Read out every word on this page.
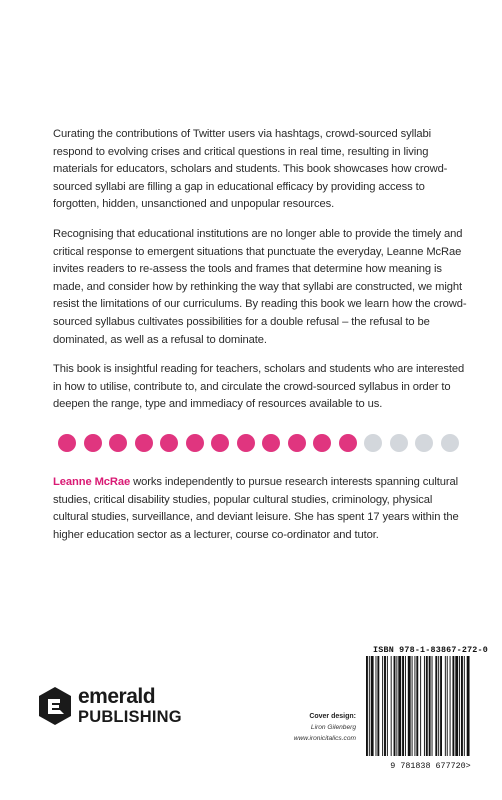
Curating the contributions of Twitter users via hashtags, crowd-sourced syllabi respond to evolving crises and critical questions in real time, resulting in living materials for educators, scholars and students. This book showcases how crowd-sourced syllabi are filling a gap in educational efficacy by providing access to forgotten, hidden, unsanctioned and unpopular resources.

Recognising that educational institutions are no longer able to provide the timely and critical response to emergent situations that punctuate the everyday, Leanne McRae invites readers to re-assess the tools and frames that determine how meaning is made, and consider how by rethinking the way that syllabi are constructed, we might resist the limitations of our curriculums. By reading this book we learn how the crowd-sourced syllabus cultivates possibilities for a double refusal – the refusal to be dominated, as well as a refusal to dominate.

This book is insightful reading for teachers, scholars and students who are interested in how to utilise, contribute to, and circulate the crowd-sourced syllabus in order to deepen the range, type and immediacy of resources available to us.

Leanne McRae works independently to pursue research interests spanning cultural studies, critical disability studies, popular cultural studies, criminology, physical cultural studies, surveillance, and deviant leisure. She has spent 17 years within the higher education sector as a lecturer, course co-ordinator and tutor.

emerald
PUBLISHING	Cover design:
Liron Gilenberg
www.ironicitalics.com
ISBN 978-1-83867-272-0
9 781838 677720>
